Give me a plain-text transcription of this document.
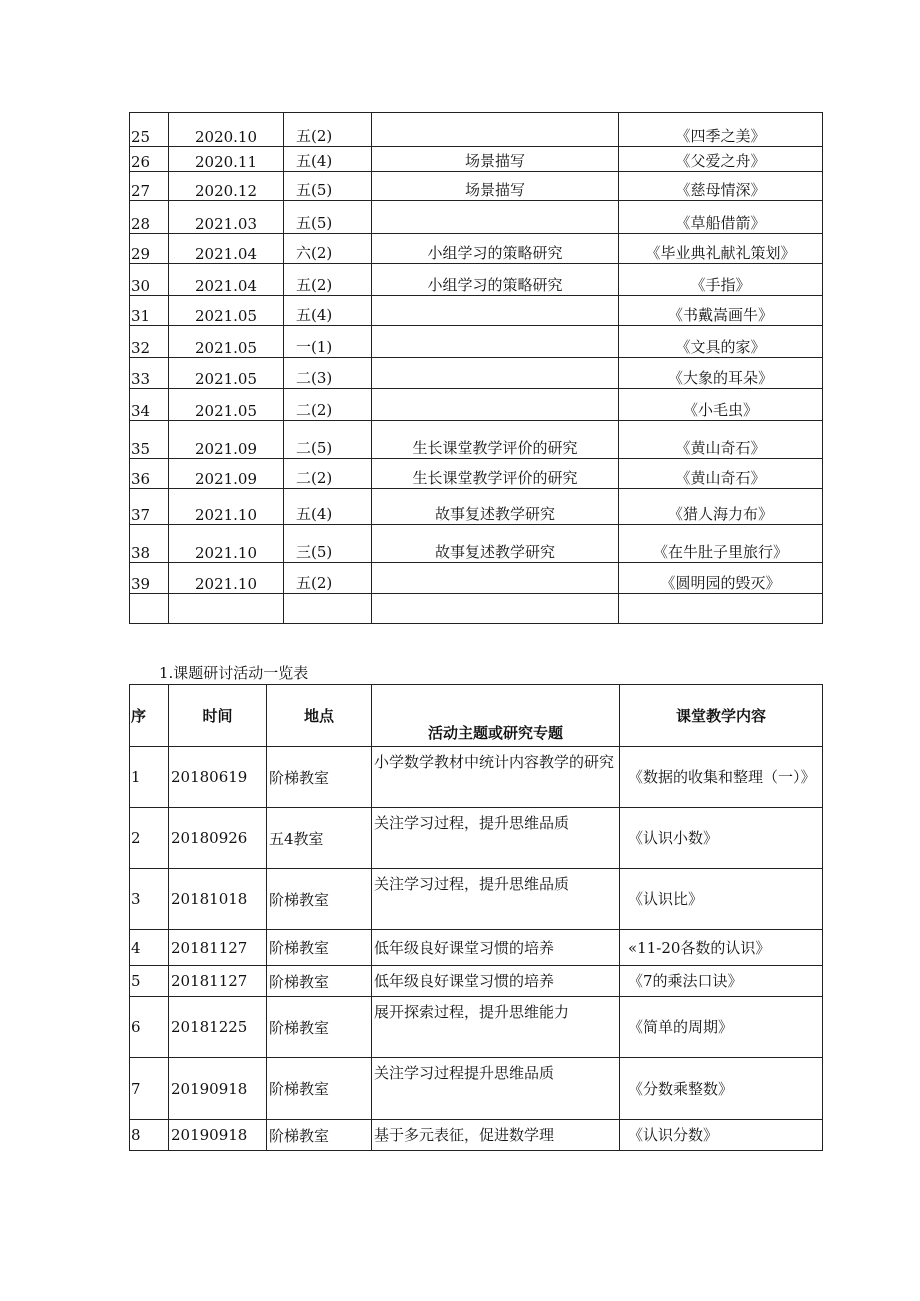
25	2020.10	五(2)		《四季之美》
26	2020.11	五(4)	场景描写	《父爱之舟》
27	2020.12	五(5)	场景描写	《慈母情深》
28	2021.03	五(5)		《草船借箭》
29	2021.04	六(2)	小组学习的策略研究	《毕业典礼献礼策划》
30	2021.04	五(2)	小组学习的策略研究	《手指》
31	2021.05	五(4)		《书戴嵩画牛》
32	2021.05	一(1)		《文具的家》
33	2021.05	二(3)		《大象的耳朵》
34	2021.05	二(2)		《小毛虫》
35	2021.09	二(5)	生长课堂教学评价的研究	《黄山奇石》
36	2021.09	二(2)	生长课堂教学评价的研究	《黄山奇石》
37	2021.10	五(4)	故事复述教学研究	《猎人海力布》
38	2021.10	三(5)	故事复述教学研究	《在牛肚子里旅行》
39	2021.10	五(2)		《圆明园的毁灭》

1.课题研讨活动一览表
序	时间	地点	活动主题或研究专题	课堂教学内容
1	20180619	阶梯教室	小学数学教材中统计内容教学的研究	《数据的收集和整理（一）》
2	20180926	五4教室	关注学习过程，提升思维品质	《认识小数》
3	20181018	阶梯教室	关注学习过程，提升思维品质	《认识比》
4	20181127	阶梯教室	低年级良好课堂习惯的培养	«11-20各数的认识》
5	20181127	阶梯教室	低年级良好课堂习惯的培养	《7的乘法口诀》
6	20181225	阶梯教室	展开探索过程，提升思维能力	《简单的周期》
7	20190918	阶梯教室	关注学习过程提升思维品质	《分数乘整数》
8	20190918	阶梯教室	基于多元表征，促进数学理	《认识分数》
